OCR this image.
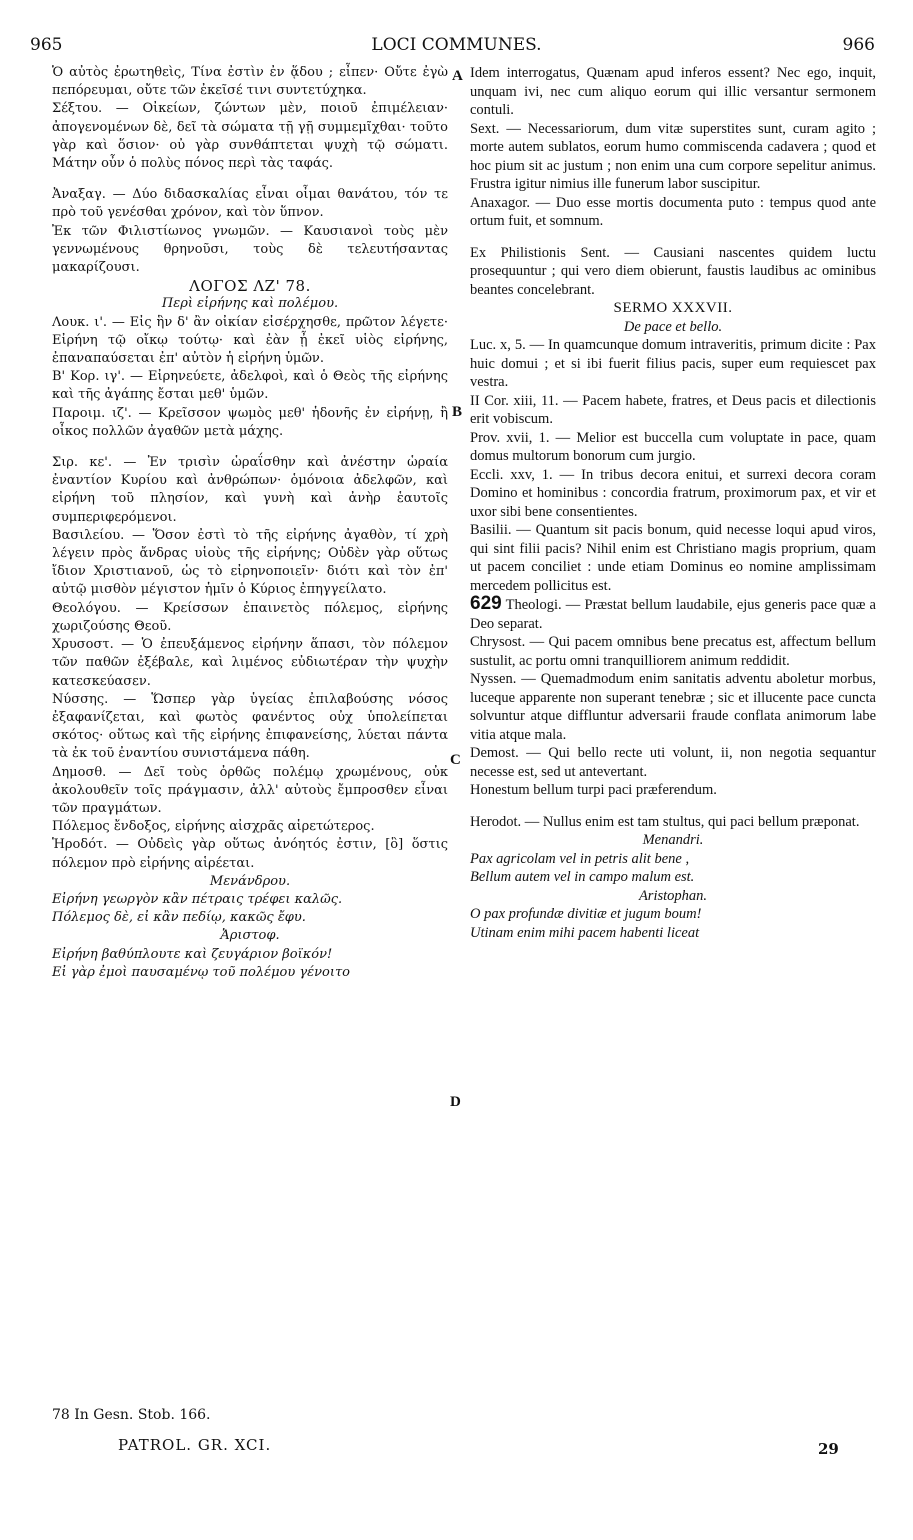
965	LOCI COMMUNES.	966

Ὁ αὐτὸς ἐρωτηθεὶς, Τίνα ἐστὶν ἐν ᾅδου ; εἶπεν· Οὔτε ἐγὼ πεπόρευμαι, οὔτε τῶν ἐκεῖσέ τινι συντετύχηκα.

Σέξτου. — Οἰκείων, ζώντων μὲν, ποιοῦ ἐπιμέλειαν· ἀπογενομένων δὲ, δεῖ τὰ σώματα τῇ γῇ συμμεμῖχθαι· τοῦτο γὰρ καὶ ὅσιον· οὐ γὰρ συνθάπτεται ψυχὴ τῷ σώματι. Μάτην οὖν ὁ πολὺς πόνος περὶ τὰς ταφάς.

Ἀναξαγ. — Δύο διδασκαλίας εἶναι οἶμαι θανάτου, τόν τε πρὸ τοῦ γενέσθαι χρόνον, καὶ τὸν ὕπνον.

Ἐκ τῶν Φιλιστίωνος γνωμῶν. — Καυσιανοὶ τοὺς μὲν γεννωμένους θρηνοῦσι, τοὺς δὲ τελευτήσαντας μακαρίζουσι.

ΛΟΓΟΣ ΛΖ' 78.

Περὶ εἰρήνης καὶ πολέμου.

Λουκ. ι'. — Εἰς ἣν δ' ἂν οἰκίαν εἰσέρχησθε, πρῶτον λέγετε· Εἰρήνη τῷ οἴκῳ τούτῳ· καὶ ἐὰν ᾖ ἐκεῖ υἱὸς εἰρήνης, ἐπαναπαύσεται ἐπ' αὐτὸν ἡ εἰρήνη ὑμῶν.

Β' Κορ. ιγ'. — Εἰρηνεύετε, ἀδελφοὶ, καὶ ὁ Θεὸς τῆς εἰρήνης καὶ τῆς ἀγάπης ἔσται μεθ' ὑμῶν.

Παροιμ. ιζ'. — Κρεῖσσον ψωμὸς μεθ' ἡδονῆς ἐν εἰρήνῃ, ἢ οἶκος πολλῶν ἀγαθῶν μετὰ μάχης.

Σιρ. κε'. — Ἐν τρισὶν ὡραΐσθην καὶ ἀνέστην ὡραία ἐναντίον Κυρίου καὶ ἀνθρώπων· ὁμόνοια ἀδελφῶν, καὶ εἰρήνη τοῦ πλησίον, καὶ γυνὴ καὶ ἀνὴρ ἑαυτοῖς συμπεριφερόμενοι.

Βασιλείου. — Ὅσον ἐστὶ τὸ τῆς εἰρήνης ἀγαθὸν, τί χρὴ λέγειν πρὸς ἄνδρας υἱοὺς τῆς εἰρήνης; Οὐδὲν γὰρ οὕτως ἴδιον Χριστιανοῦ, ὡς τὸ εἰρηνοποιεῖν· διότι καὶ τὸν ἐπ' αὐτῷ μισθὸν μέγιστον ἡμῖν ὁ Κύριος ἐπηγγείλατο.

Θεολόγου. — Κρείσσων ἐπαινετὸς πόλεμος, εἰρήνης χωριζούσης Θεοῦ.

Χρυσοστ. — Ὁ ἐπευξάμενος εἰρήνην ἅπασι, τὸν πόλεμον τῶν παθῶν ἐξέβαλε, καὶ λιμένος εὐδιωτέραν τὴν ψυχὴν κατεσκεύασεν.

Νύσσης. — Ὥσπερ γὰρ ὑγείας ἐπιλαβούσης νόσος ἐξαφανίζεται, καὶ φωτὸς φανέντος οὐχ ὑπολείπεται σκότος· οὕτως καὶ τῆς εἰρήνης ἐπιφανείσης, λύεται πάντα τὰ ἐκ τοῦ ἐναντίου συνιστάμενα πάθη.

Δημοσθ. — Δεῖ τοὺς ὀρθῶς πολέμῳ χρωμένους, οὐκ ἀκολουθεῖν τοῖς πράγμασιν, ἀλλ' αὐτοὺς ἔμπροσθεν εἶναι τῶν πραγμάτων.

Πόλεμος ἔνδοξος, εἰρήνης αἰσχρᾶς αἱρετώτερος.

Ἡροδότ. — Οὐδεὶς γὰρ οὕτως ἀνόητός ἐστιν, [ὃ] ὅστις πόλεμον πρὸ εἰρήνης αἱρέεται.

Μενάνδρου.

Εἰρήνη γεωργὸν κἂν πέτραις τρέφει καλῶς.

Πόλεμος δὲ, εἰ κἂν πεδίῳ, κακῶς ἔφυ.

Ἀριστοφ.

Εἰρήνη βαθύπλουτε καὶ ζευγάριον βοϊκόν!

Εἰ γὰρ ἐμοὶ παυσαμένῳ τοῦ πολέμου γένοιτο

Idem interrogatus, Quænam apud inferos essent? Nec ego, inquit, unquam ivi, nec cum aliquo eorum qui illic versantur sermonem contuli.

Sext. — Necessariorum, dum vitæ superstites sunt, curam agito ; morte autem sublatos, eorum humo commiscenda cadavera ; quod et hoc pium sit ac justum ; non enim una cum corpore sepelitur animus. Frustra igitur nimius ille funerum labor suscipitur.

Anaxagor. — Duo esse mortis documenta puto : tempus quod ante ortum fuit, et somnum.

Ex Philistionis Sent. — Causiani nascentes quidem luctu prosequuntur ; qui vero diem obierunt, faustis laudibus ac ominibus beantes concelebrant.

SERMO XXXVII.

De pace et bello.

Luc. x, 5. — In quamcunque domum intraveritis, primum dicite : Pax huic domui ; et si ibi fuerit filius pacis, super eum requiescet pax vestra.

II Cor. xiii, 11. — Pacem habete, fratres, et Deus pacis et dilectionis erit vobiscum.

Prov. xvii, 1. — Melior est buccella cum voluptate in pace, quam domus multorum bonorum cum jurgio.

Eccli. xxv, 1. — In tribus decora enitui, et surrexi decora coram Domino et hominibus : concordia fratrum, proximorum pax, et vir et uxor sibi bene consentientes.

Basilii. — Quantum sit pacis bonum, quid necesse loqui apud viros, qui sint filii pacis? Nihil enim est Christiano magis proprium, quam ut pacem conciliet : unde etiam Dominus eo nomine amplissimam mercedem pollicitus est.

629 Theologi. — Præstat bellum laudabile, ejus generis pace quæ a Deo separat.

Chrysost. — Qui pacem omnibus bene precatus est, affectum bellum sustulit, ac portu omni tranquilliorem animum reddidit.

Nyssen. — Quemadmodum enim sanitatis adventu aboletur morbus, luceque apparente non superant tenebræ ; sic et illucente pace cuncta solvuntur atque diffluntur adversarii fraude conflata animorum labe vitia atque mala.

Demost. — Qui bello recte uti volunt, ii, non negotia sequantur necesse est, sed ut antevertant.

Honestum bellum turpi paci præferendum.

Herodot. — Nullus enim est tam stultus, qui paci bellum præponat.

Menandri.

Pax agricolam vel in petris alit bene ,

Bellum autem vel in campo malum est.

Aristophan.

O pax profundæ divitiæ et jugum boum!

Utinam enim mihi pacem habenti liceat

A
B
C
D
78 In Gesn. Stob. 166.
PATROL. GR. XCI.	29
